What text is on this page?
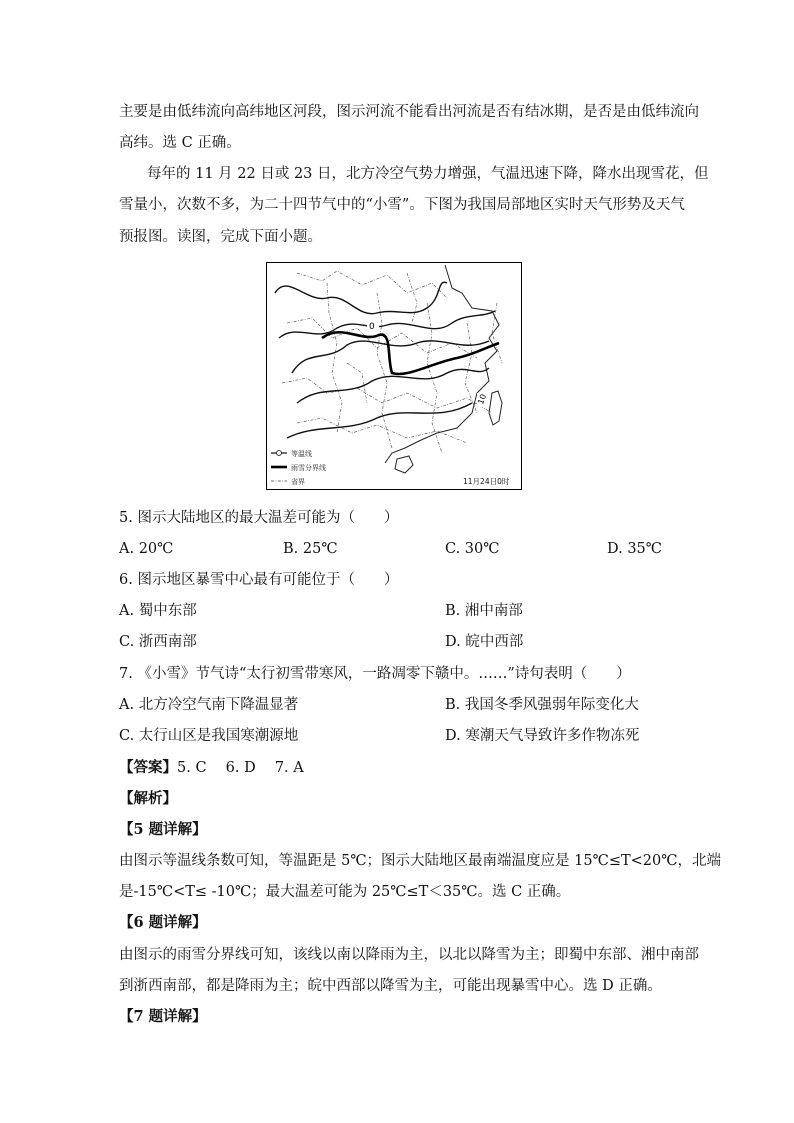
主要是由低纬流向高纬地区河段，图示河流不能看出河流是否有结冰期，是否是由低纬流向
高纬。选 C 正确。
每年的 11 月 22 日或 23 日，北方冷空气势力增强，气温迅速下降，降水出现雪花，但
雪量小，次数不多，为二十四节气中的“小雪”。下图为我国局部地区实时天气形势及天气
预报图。读图，完成下面小题。
0
10
等温线
雨雪分界线
省界	11月24日0时
5. 图示大陆地区的最大温差可能为（　　）
A. 20℃	B. 25℃	C. 30℃	D. 35℃
6. 图示地区暴雪中心最有可能位于（　　）
A. 蜀中东部	B. 湘中南部
C. 浙西南部	D. 皖中西部
7. 《小雪》节气诗“太行初雪带寒风，一路凋零下赣中。……”诗句表明（　　）
A. 北方冷空气南下降温显著	B. 我国冬季风强弱年际变化大
C. 太行山区是我国寒潮源地	D. 寒潮天气导致许多作物冻死
【答案】5. C　 6. D　 7. A
【解析】
【5 题详解】
由图示等温线条数可知，等温距是 5℃；图示大陆地区最南端温度应是 15℃≤T<20℃，北端
是-15℃<T≤ -10℃；最大温差可能为 25℃≤T＜35℃。选 C 正确。
【6 题详解】
由图示的雨雪分界线可知，该线以南以降雨为主，以北以降雪为主；即蜀中东部、湘中南部
到浙西南部，都是降雨为主；皖中西部以降雪为主，可能出现暴雪中心。选 D 正确。
【7 题详解】
